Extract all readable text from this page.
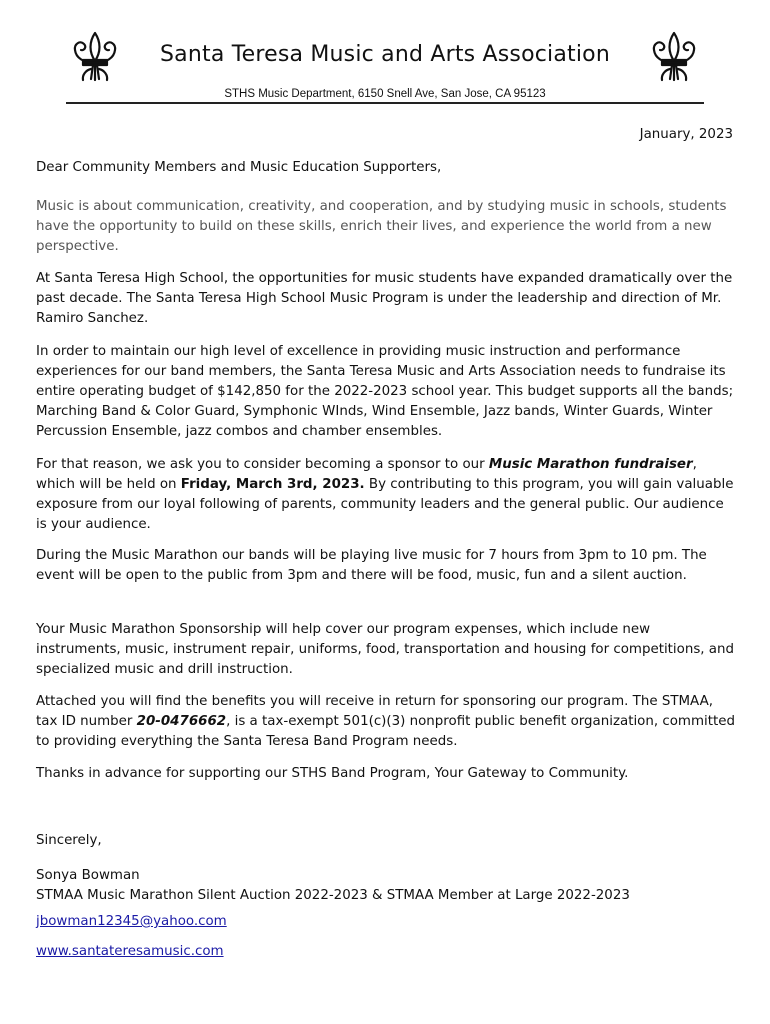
Santa Teresa Music and Arts Association
STHS Music Department, 6150 Snell Ave, San Jose, CA 95123
January, 2023

Dear Community Members and Music Education Supporters,

Music is about communication, creativity, and cooperation, and by studying music in schools, students have the opportunity to build on these skills, enrich their lives, and experience the world from a new perspective.

At Santa Teresa High School, the opportunities for music students have expanded dramatically over the past decade. The Santa Teresa High School Music Program is under the leadership and direction of Mr. Ramiro Sanchez.

In order to maintain our high level of excellence in providing music instruction and performance experiences for our band members, the Santa Teresa Music and Arts Association needs to fundraise its entire operating budget of $142,850 for the 2022-2023 school year. This budget supports all the bands; Marching Band & Color Guard, Symphonic WInds, Wind Ensemble, Jazz bands, Winter Guards, Winter Percussion Ensemble, jazz combos and chamber ensembles.

For that reason, we ask you to consider becoming a sponsor to our Music Marathon fundraiser, which will be held on Friday, March 3rd, 2023. By contributing to this program, you will gain valuable exposure from our loyal following of parents, community leaders and the general public. Our audience is your audience.

During the Music Marathon our bands will be playing live music for 7 hours from 3pm to 10 pm. The event will be open to the public from 3pm and there will be food, music, fun and a silent auction.

Your Music Marathon Sponsorship will help cover our program expenses, which include new instruments, music, instrument repair, uniforms, food, transportation and housing for competitions, and specialized music and drill instruction.

Attached you will find the benefits you will receive in return for sponsoring our program. The STMAA, tax ID number 20-0476662, is a tax-exempt 501(c)(3) nonprofit public benefit organization, committed to providing everything the Santa Teresa Band Program needs.

Thanks in advance for supporting our STHS Band Program, Your Gateway to Community.

Sincerely,

Sonya Bowman
STMAA Music Marathon Silent Auction 2022-2023 & STMAA Member at Large 2022-2023
jbowman12345@yahoo.com
www.santateresamusic.com
